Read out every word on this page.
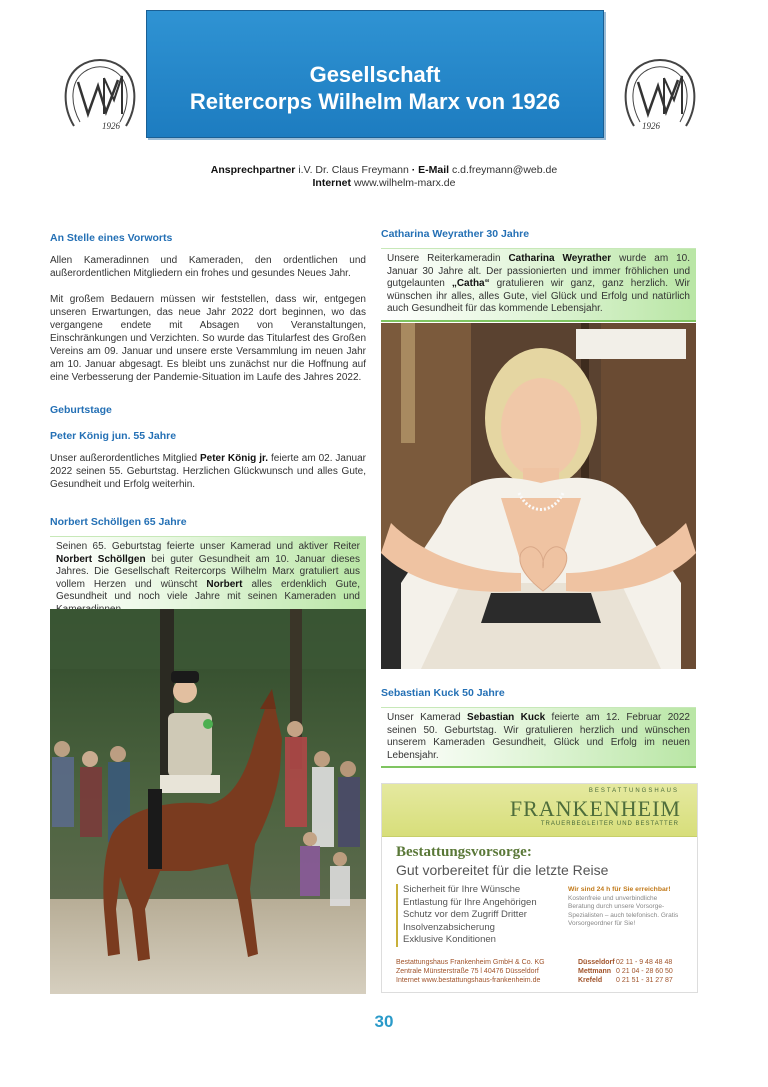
Gesellschaft
Reitercorps Wilhelm Marx von 1926
1926	1926
Ansprechpartner i.V. Dr. Claus Freymann · E-Mail c.d.freymann@web.de
Internet www.wilhelm-marx.de
An Stelle eines Vorworts
Allen Kameradinnen und Kameraden, den ordentlichen und außerordentlichen Mitgliedern ein frohes und gesundes Neues Jahr.
Mit großem Bedauern müssen wir feststellen, dass wir, entgegen unseren Erwartungen, das neue Jahr 2022 dort beginnen, wo das vergangene endete mit Absagen von Veranstaltungen, Einschränkungen und Verzichten. So wurde das Titularfest des Großen Vereins am 09. Januar und unsere erste Versammlung im neuen Jahr am 10. Januar abgesagt. Es bleibt uns zunächst nur die Hoffnung auf eine Verbesserung der Pandemie-Situation im Laufe des Jahres 2022.
Geburtstage
Peter König jun. 55 Jahre
Unser außerordentliches Mitglied Peter König jr. feierte am 02. Januar 2022 seinen 55. Geburtstag. Herzlichen Glückwunsch und alles Gute, Gesundheit und Erfolg weiterhin.
Norbert Schöllgen 65 Jahre
Seinen 65. Geburtstag feierte unser Kamerad und aktiver Reiter Norbert Schöllgen bei guter Gesundheit am 10. Januar dieses Jahres. Die Gesellschaft Reitercorps Wilhelm Marx gratuliert aus vollem Herzen und wünscht Norbert alles erdenklich Gute, Gesundheit und noch viele Jahre mit seinen Kameraden und
Catharina Weyrather 30 Jahre
Unsere Reiterkameradin Catharina Weyrather wurde am 10. Januar 30 Jahre alt. Der passionierten und immer fröhlichen und gutgelaunten „Catha“ gratulieren wir ganz, ganz herzlich. Wir wünschen ihr alles, alles Gute, viel Glück und Erfolg und natürlich auch Gesundheit für das kommende Lebensjahr.
Sebastian Kuck 50 Jahre
Unser Kamerad Sebastian Kuck feierte am 12. Februar 2022 seinen 50. Geburtstag. Wir gratulieren herzlich und wünschen unserem Kameraden Gesundheit, Glück und Erfolg im neuen Lebensjahr.
BESTATTUNGSHAUS
FRANKENHEIM
TRAUERBEGLEITER UND BESTATTER
Bestattungsvorsorge:
Gut vorbereitet für die letzte Reise
Sicherheit für Ihre Wünsche
Entlastung für Ihre Angehörigen
Schutz vor dem Zugriff Dritter
Insolvenzabsicherung
Exklusive Konditionen
Wir sind 24 h für Sie erreichbar!
Kostenfreie und unverbindliche Beratung durch unsere Vorsorge-Spezialisten – auch telefonisch. Gratis Vorsorgeordner für Sie!
Bestattungshaus Frankenheim GmbH & Co. KG
Zentrale Münsterstraße 75 l 40476 Düsseldorf
Internet www.bestattungshaus-frankenheim.de
Düsseldorf 02 11 - 9 48 48 48
Mettmann 0 21 04 - 28 60 50
Krefeld	0 21 51 - 31 27 87
30
